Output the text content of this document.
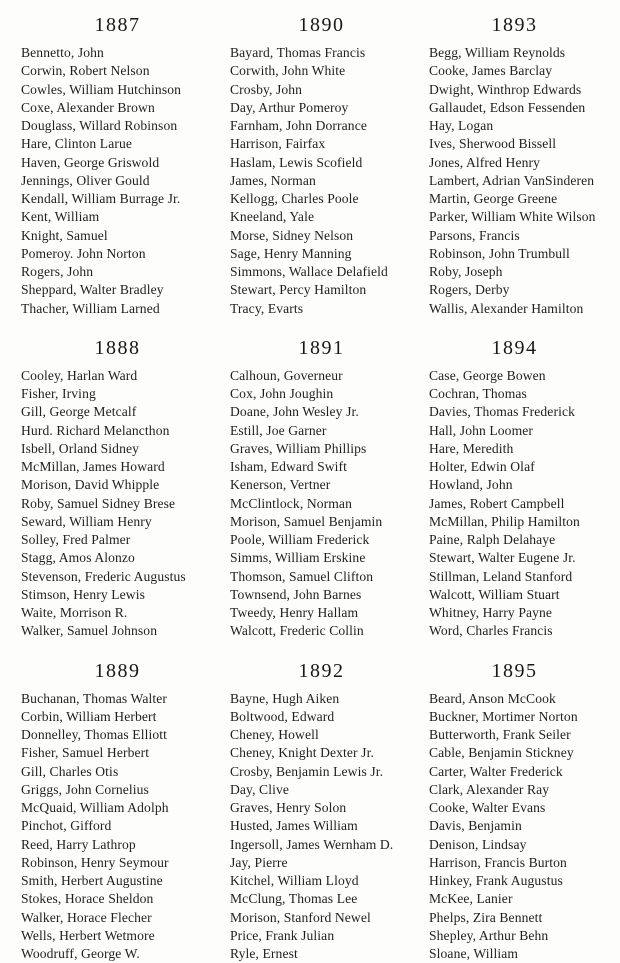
1887
Bennetto, John
Corwin, Robert Nelson
Cowles, William Hutchinson
Coxe, Alexander Brown
Douglass, Willard Robinson
Hare, Clinton Larue
Haven, George Griswold
Jennings, Oliver Gould
Kendall, William Burrage Jr.
Kent, William
Knight, Samuel
Pomeroy. John Norton
Rogers, John
Sheppard, Walter Bradley
Thacher, William Larned
1890
Bayard, Thomas Francis
Corwith, John White
Crosby, John
Day, Arthur Pomeroy
Farnham, John Dorrance
Harrison, Fairfax
Haslam, Lewis Scofield
James, Norman
Kellogg, Charles Poole
Kneeland, Yale
Morse, Sidney Nelson
Sage, Henry Manning
Simmons, Wallace Delafield
Stewart, Percy Hamilton
Tracy, Evarts
1893
Begg, William Reynolds
Cooke, James Barclay
Dwight, Winthrop Edwards
Gallaudet, Edson Fessenden
Hay, Logan
Ives, Sherwood Bissell
Jones, Alfred Henry
Lambert, Adrian VanSinderen
Martin, George Greene
Parker, William White Wilson
Parsons, Francis
Robinson, John Trumbull
Roby, Joseph
Rogers, Derby
Wallis, Alexander Hamilton
1888
Cooley, Harlan Ward
Fisher, Irving
Gill, George Metcalf
Hurd. Richard Melancthon
Isbell, Orland Sidney
McMillan, James Howard
Morison, David Whipple
Roby, Samuel Sidney Brese
Seward, William Henry
Solley, Fred Palmer
Stagg, Amos Alonzo
Stevenson, Frederic Augustus
Stimson, Henry Lewis
Waite, Morrison R.
Walker, Samuel Johnson
1891
Calhoun, Governeur
Cox, John Joughin
Doane, John Wesley Jr.
Estill, Joe Garner
Graves, William Phillips
Isham, Edward Swift
Kenerson, Vertner
McClintlock, Norman
Morison, Samuel Benjamin
Poole, William Frederick
Simms, William Erskine
Thomson, Samuel Clifton
Townsend, John Barnes
Tweedy, Henry Hallam
Walcott, Frederic Collin
1894
Case, George Bowen
Cochran, Thomas
Davies, Thomas Frederick
Hall, John Loomer
Hare, Meredith
Holter, Edwin Olaf
Howland, John
James, Robert Campbell
McMillan, Philip Hamilton
Paine, Ralph Delahaye
Stewart, Walter Eugene Jr.
Stillman, Leland Stanford
Walcott, William Stuart
Whitney, Harry Payne
Word, Charles Francis
1889
Buchanan, Thomas Walter
Corbin, William Herbert
Donnelley, Thomas Elliott
Fisher, Samuel Herbert
Gill, Charles Otis
Griggs, John Cornelius
McQuaid, William Adolph
Pinchot, Gifford
Reed, Harry Lathrop
Robinson, Henry Seymour
Smith, Herbert Augustine
Stokes, Horace Sheldon
Walker, Horace Flecher
Wells, Herbert Wetmore
Woodruff, George W.
1892
Bayne, Hugh Aiken
Boltwood, Edward
Cheney, Howell
Cheney, Knight Dexter Jr.
Crosby, Benjamin Lewis Jr.
Day, Clive
Graves, Henry Solon
Husted, James William
Ingersoll, James Wernham D.
Jay, Pierre
Kitchel, William Lloyd
McClung, Thomas Lee
Morison, Stanford Newel
Price, Frank Julian
Ryle, Ernest
1895
Beard, Anson McCook
Buckner, Mortimer Norton
Butterworth, Frank Seiler
Cable, Benjamin Stickney
Carter, Walter Frederick
Clark, Alexander Ray
Cooke, Walter Evans
Davis, Benjamin
Denison, Lindsay
Harrison, Francis Burton
Hinkey, Frank Augustus
McKee, Lanier
Phelps, Zira Bennett
Shepley, Arthur Behn
Sloane, William
